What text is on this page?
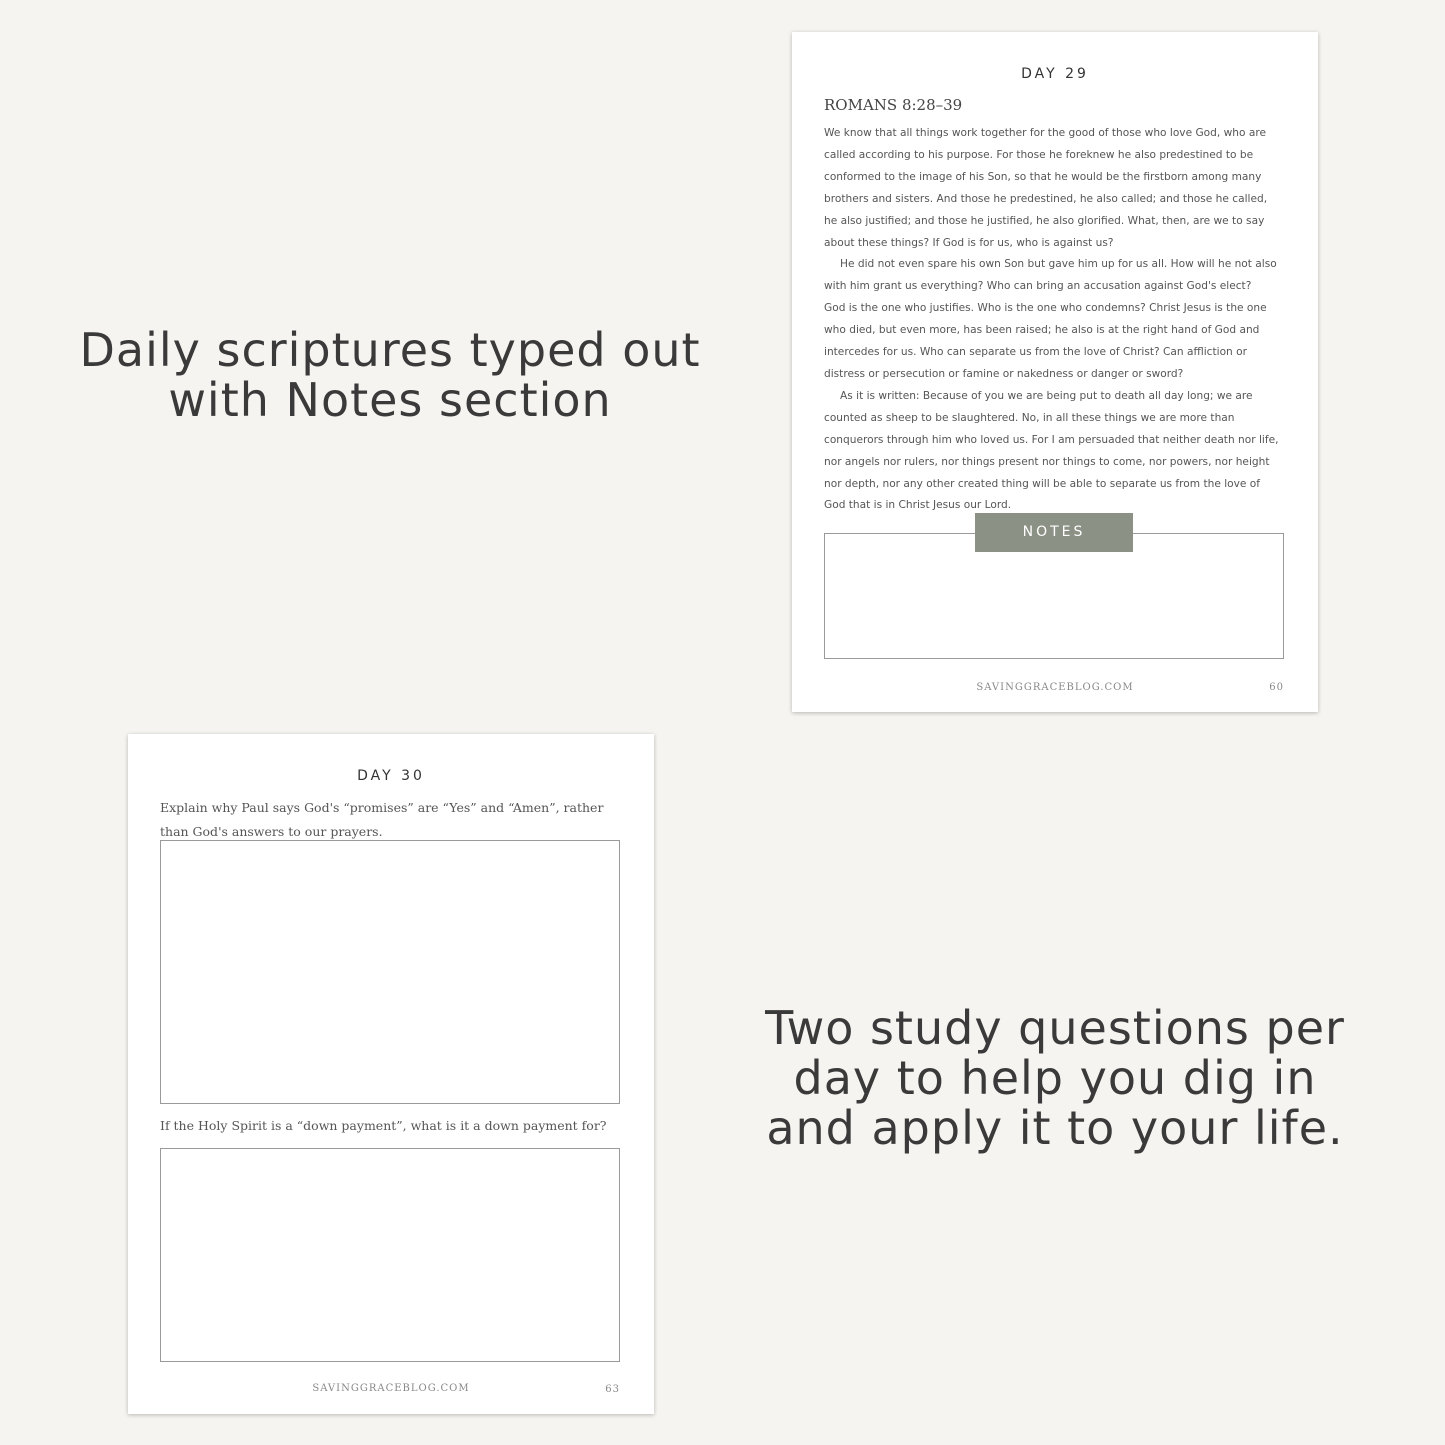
Daily scriptures typed out
with Notes section
Two study questions per
day to help you dig in
and apply it to your life.
DAY 29
ROMANS 8:28–39
We know that all things work together for the good of those who love God, who are
called according to his purpose. For those he foreknew he also predestined to be
conformed to the image of his Son, so that he would be the firstborn among many
brothers and sisters. And those he predestined, he also called; and those he called,
he also justified; and those he justified, he also glorified. What, then, are we to say
about these things? If God is for us, who is against us?
He did not even spare his own Son but gave him up for us all. How will he not also
with him grant us everything? Who can bring an accusation against God's elect?
God is the one who justifies. Who is the one who condemns? Christ Jesus is the one
who died, but even more, has been raised; he also is at the right hand of God and
intercedes for us. Who can separate us from the love of Christ? Can affliction or
distress or persecution or famine or nakedness or danger or sword?
As it is written: Because of you we are being put to death all day long; we are
counted as sheep to be slaughtered. No, in all these things we are more than
conquerors through him who loved us. For I am persuaded that neither death nor life,
nor angels nor rulers, nor things present nor things to come, nor powers, nor height
nor depth, nor any other created thing will be able to separate us from the love of
God that is in Christ Jesus our Lord.
NOTES
SAVINGGRACEBLOG.COM	60
DAY 30
Explain why Paul says God's “promises” are “Yes” and “Amen”, rather than God's answers to our prayers.
If the Holy Spirit is a “down payment”, what is it a down payment for?
SAVINGGRACEBLOG.COM	63
